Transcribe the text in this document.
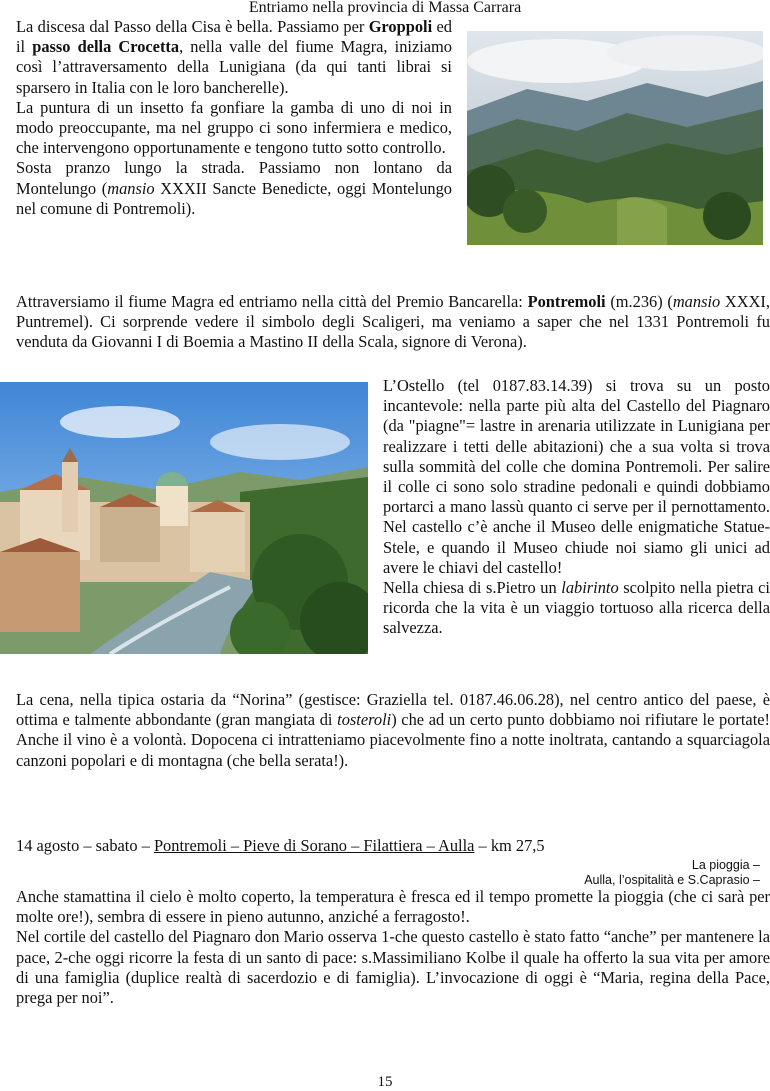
Entriamo nella provincia di Massa Carrara

La discesa dal Passo della Cisa è bella. Passiamo per Groppoli ed il passo della Crocetta, nella valle del fiume Magra, iniziamo così l’attraversamento della Lunigiana (da qui tanti librai si sparsero in Italia con le loro bancherelle).

La puntura di un insetto fa gonfiare la gamba di uno di noi in modo preoccupante, ma nel gruppo ci sono infermiera e medico, che intervengono opportunamente e tengono tutto sotto controllo.

Sosta pranzo lungo la strada. Passiamo non lontano da Montelungo (mansio XXXII Sancte Benedicte, oggi Montelungo nel comune di Pontremoli).

Attraversiamo il fiume Magra ed entriamo nella città del Premio Bancarella: Pontremoli (m.236) (mansio XXXI, Puntremel). Ci sorprende vedere il simbolo degli Scaligeri, ma veniamo a saper che nel 1331 Pontremoli fu venduta da Giovanni I di Boemia a Mastino II della Scala, signore di Verona).

L’Ostello (tel 0187.83.14.39) si trova su un posto incantevole: nella parte più alta del Castello del Piagnaro (da "piagne"= lastre in arenaria utilizzate in Lunigiana per realizzare i tetti delle abitazioni) che a sua volta si trova sulla sommità del colle che domina Pontremoli. Per salire il colle ci sono solo stradine pedonali e quindi dobbiamo portarci a mano lassù quanto ci serve per il pernottamento. Nel castello c’è anche il Museo delle enigmatiche Statue-Stele, e quando il Museo chiude noi siamo gli unici ad avere le chiavi del castello!

Nella chiesa di s.Pietro un labirinto scolpito nella pietra ci ricorda che la vita è un viaggio tortuoso alla ricerca della salvezza.

La cena, nella tipica ostaria da “Norina” (gestisce: Graziella tel. 0187.46.06.28), nel centro antico del paese, è ottima e talmente abbondante (gran mangiata di tosteroli) che ad un certo punto dobbiamo noi rifiutare le portate! Anche il vino è a volontà. Dopocena ci intratteniamo piacevolmente fino a notte inoltrata, cantando a squarciagola canzoni popolari e di montagna (che bella serata!).

14 agosto – sabato – Pontremoli – Pieve di Sorano – Filattiera – Aulla – km 27,5
La pioggia –
Aulla, l’ospitalità e S.Caprasio –

Anche stamattina il cielo è molto coperto, la temperatura è fresca ed il tempo promette la pioggia (che ci sarà per molte ore!), sembra di essere in pieno autunno, anziché a ferragosto!.

Nel cortile del castello del Piagnaro don Mario osserva 1-che questo castello è stato fatto “anche” per mantenere la pace, 2-che oggi ricorre la festa di un santo di pace: s.Massimiliano Kolbe il quale ha offerto la sua vita per amore di una famiglia (duplice realtà di sacerdozio e di famiglia). L’invocazione di oggi è “Maria, regina della Pace, prega per noi”.

15
